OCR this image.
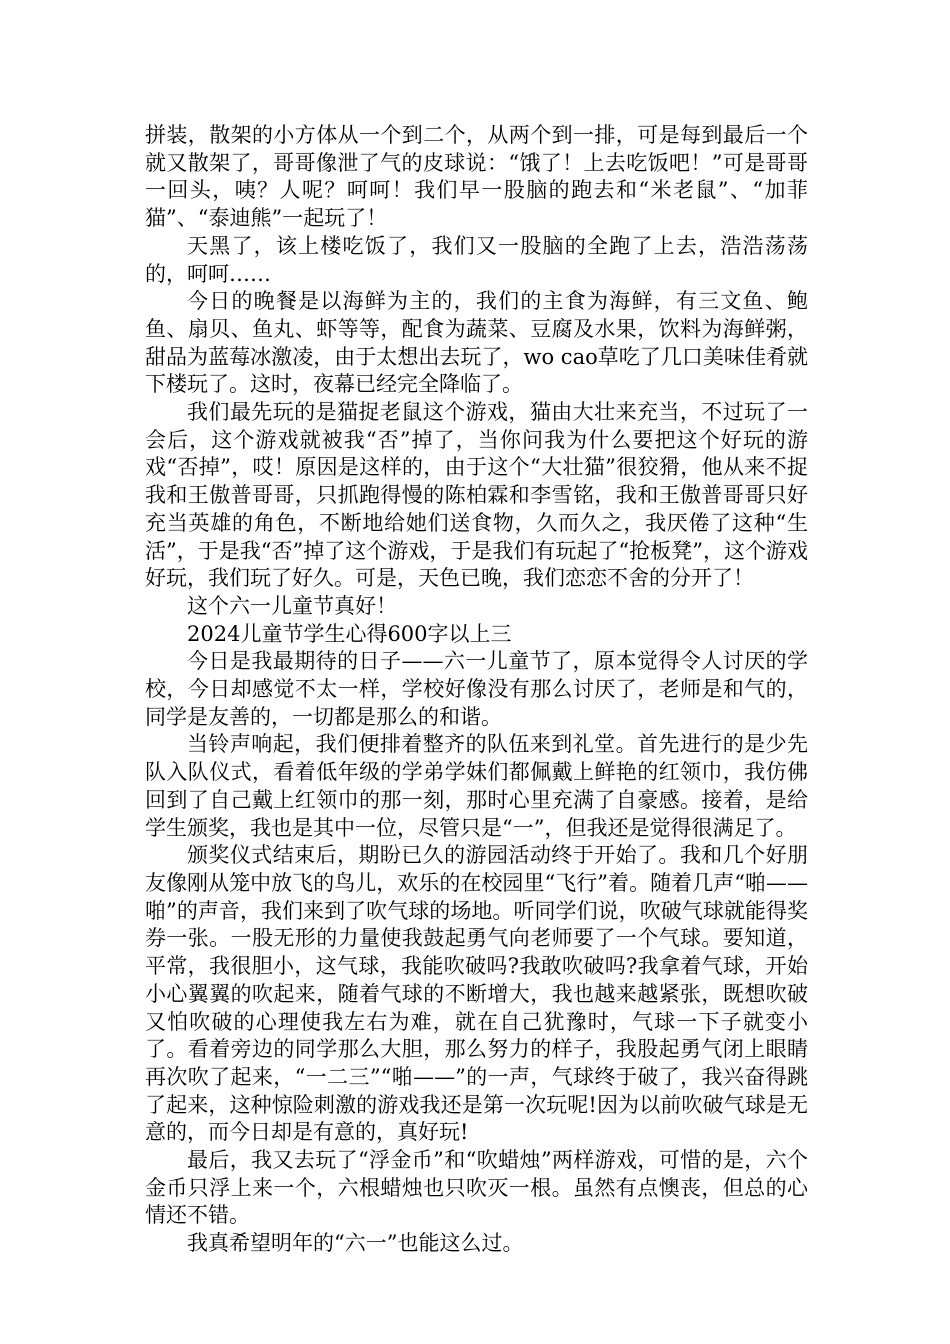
拼装，散架的小方体从一个到二个，从两个到一排，可是每到最后一个就又散架了，哥哥像泄了气的皮球说：“饿了！上去吃饭吧！”可是哥哥一回头，咦？人呢？呵呵！我们早一股脑的跑去和“米老鼠”、“加菲猫”、“泰迪熊”一起玩了！

天黑了，该上楼吃饭了，我们又一股脑的全跑了上去，浩浩荡荡的，呵呵……

今日的晚餐是以海鲜为主的，我们的主食为海鲜，有三文鱼、鲍鱼、扇贝、鱼丸、虾等等，配食为蔬菜、豆腐及水果，饮料为海鲜粥，甜品为蓝莓冰激凌，由于太想出去玩了，wo cao草吃了几口美味佳肴就下楼玩了。这时，夜幕已经完全降临了。

我们最先玩的是猫捉老鼠这个游戏，猫由大壮来充当，不过玩了一会后，这个游戏就被我“否”掉了，当你问我为什么要把这个好玩的游戏“否掉”，哎！原因是这样的，由于这个“大壮猫”很狡猾，他从来不捉我和王傲普哥哥，只抓跑得慢的陈柏霖和李雪铭，我和王傲普哥哥只好充当英雄的角色，不断地给她们送食物，久而久之，我厌倦了这种“生活”，于是我“否”掉了这个游戏，于是我们有玩起了“抢板凳”，这个游戏好玩，我们玩了好久。可是，天色已晚，我们恋恋不舍的分开了！

这个六一儿童节真好！

2024儿童节学生心得600字以上三

今日是我最期待的日子——六一儿童节了，原本觉得令人讨厌的学校，今日却感觉不太一样，学校好像没有那么讨厌了，老师是和气的，同学是友善的，一切都是那么的和谐。

当铃声响起，我们便排着整齐的队伍来到礼堂。首先进行的是少先队入队仪式，看着低年级的学弟学妹们都佩戴上鲜艳的红领巾，我仿佛回到了自己戴上红领巾的那一刻，那时心里充满了自豪感。接着，是给学生颁奖，我也是其中一位，尽管只是“一”，但我还是觉得很满足了。

颁奖仪式结束后，期盼已久的游园活动终于开始了。我和几个好朋友像刚从笼中放飞的鸟儿，欢乐的在校园里“飞行”着。随着几声“啪——啪”的声音，我们来到了吹气球的场地。听同学们说，吹破气球就能得奖券一张。一股无形的力量使我鼓起勇气向老师要了一个气球。要知道，平常，我很胆小，这气球，我能吹破吗?我敢吹破吗?我拿着气球，开始小心翼翼的吹起来，随着气球的不断增大，我也越来越紧张，既想吹破又怕吹破的心理使我左右为难，就在自己犹豫时，气球一下子就变小了。看着旁边的同学那么大胆，那么努力的样子，我股起勇气闭上眼睛再次吹了起来，“一二三”“啪——”的一声，气球终于破了，我兴奋得跳了起来，这种惊险刺激的游戏我还是第一次玩呢!因为以前吹破气球是无意的，而今日却是有意的，真好玩!

最后，我又去玩了“浮金币”和“吹蜡烛”两样游戏，可惜的是，六个金币只浮上来一个，六根蜡烛也只吹灭一根。虽然有点懊丧，但总的心情还不错。

我真希望明年的“六一”也能这么过。
